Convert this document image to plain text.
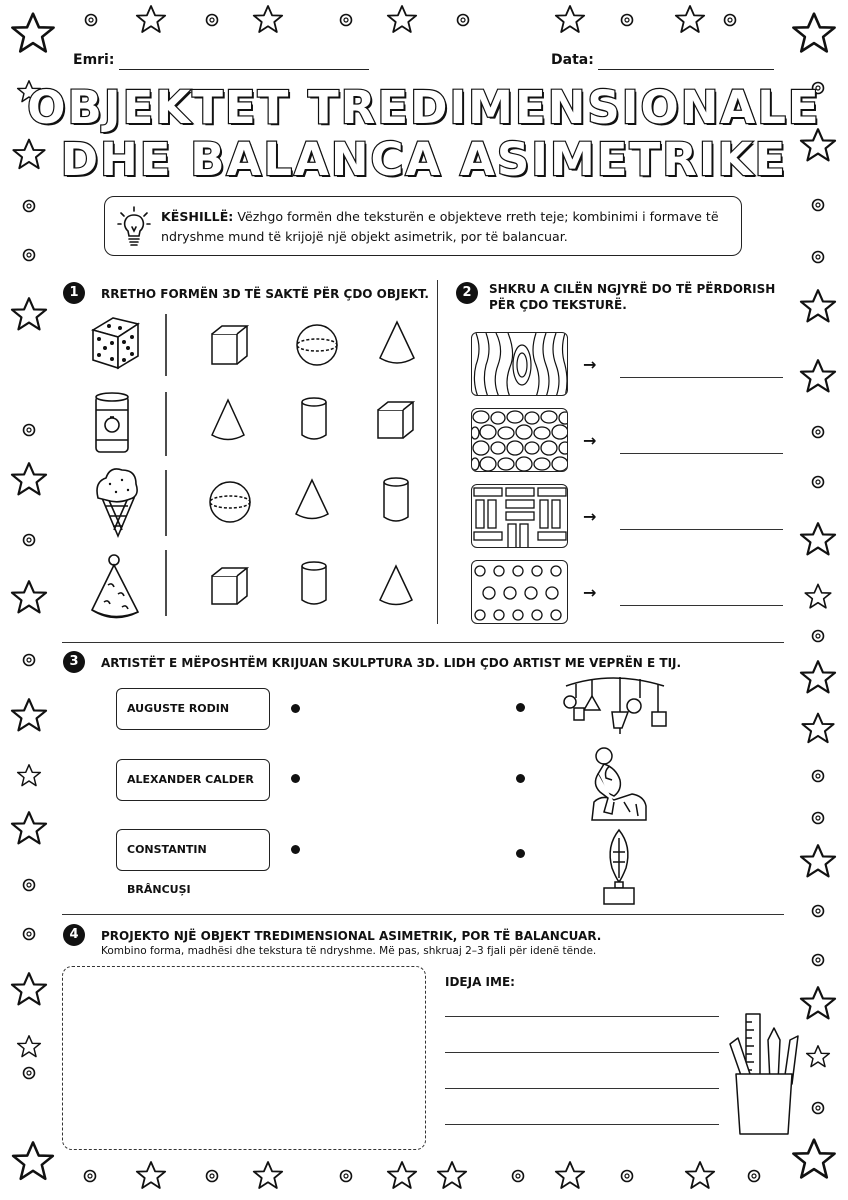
Emri:	Data:
OBJEKTET TREDIMENSIONALE
DHE BALANCA ASIMETRIKE
KËSHILLË: Vëzhgo formën dhe teksturën e objekteve rreth teje; kombinimi i formave të ndryshme mund të krijojë një objekt asimetrik, por të balancuar.
1	RRETHO FORMËN 3D TË SAKTË PËR ÇDO OBJEKT.	2	SHKRU A CILËN NGJYRË DO TË PËRDORISH
PËR ÇDO TEKSTURË.
→
→
→
→
3	ARTISTËT E MËPOSHTËM KRIJUAN SKULPTURA 3D. LIDH ÇDO ARTIST ME VEPRËN E TIJ.
AUGUSTE RODIN
ALEXANDER CALDER
CONSTANTIN BRÂNCUȘI
4	PROJEKTO NJË OBJEKT TREDIMENSIONAL ASIMETRIK, POR TË BALANCUAR.
Kombino forma, madhësi dhe tekstura të ndryshme. Më pas, shkruaj 2–3 fjali për idenë tënde.
IDEJA IME:
